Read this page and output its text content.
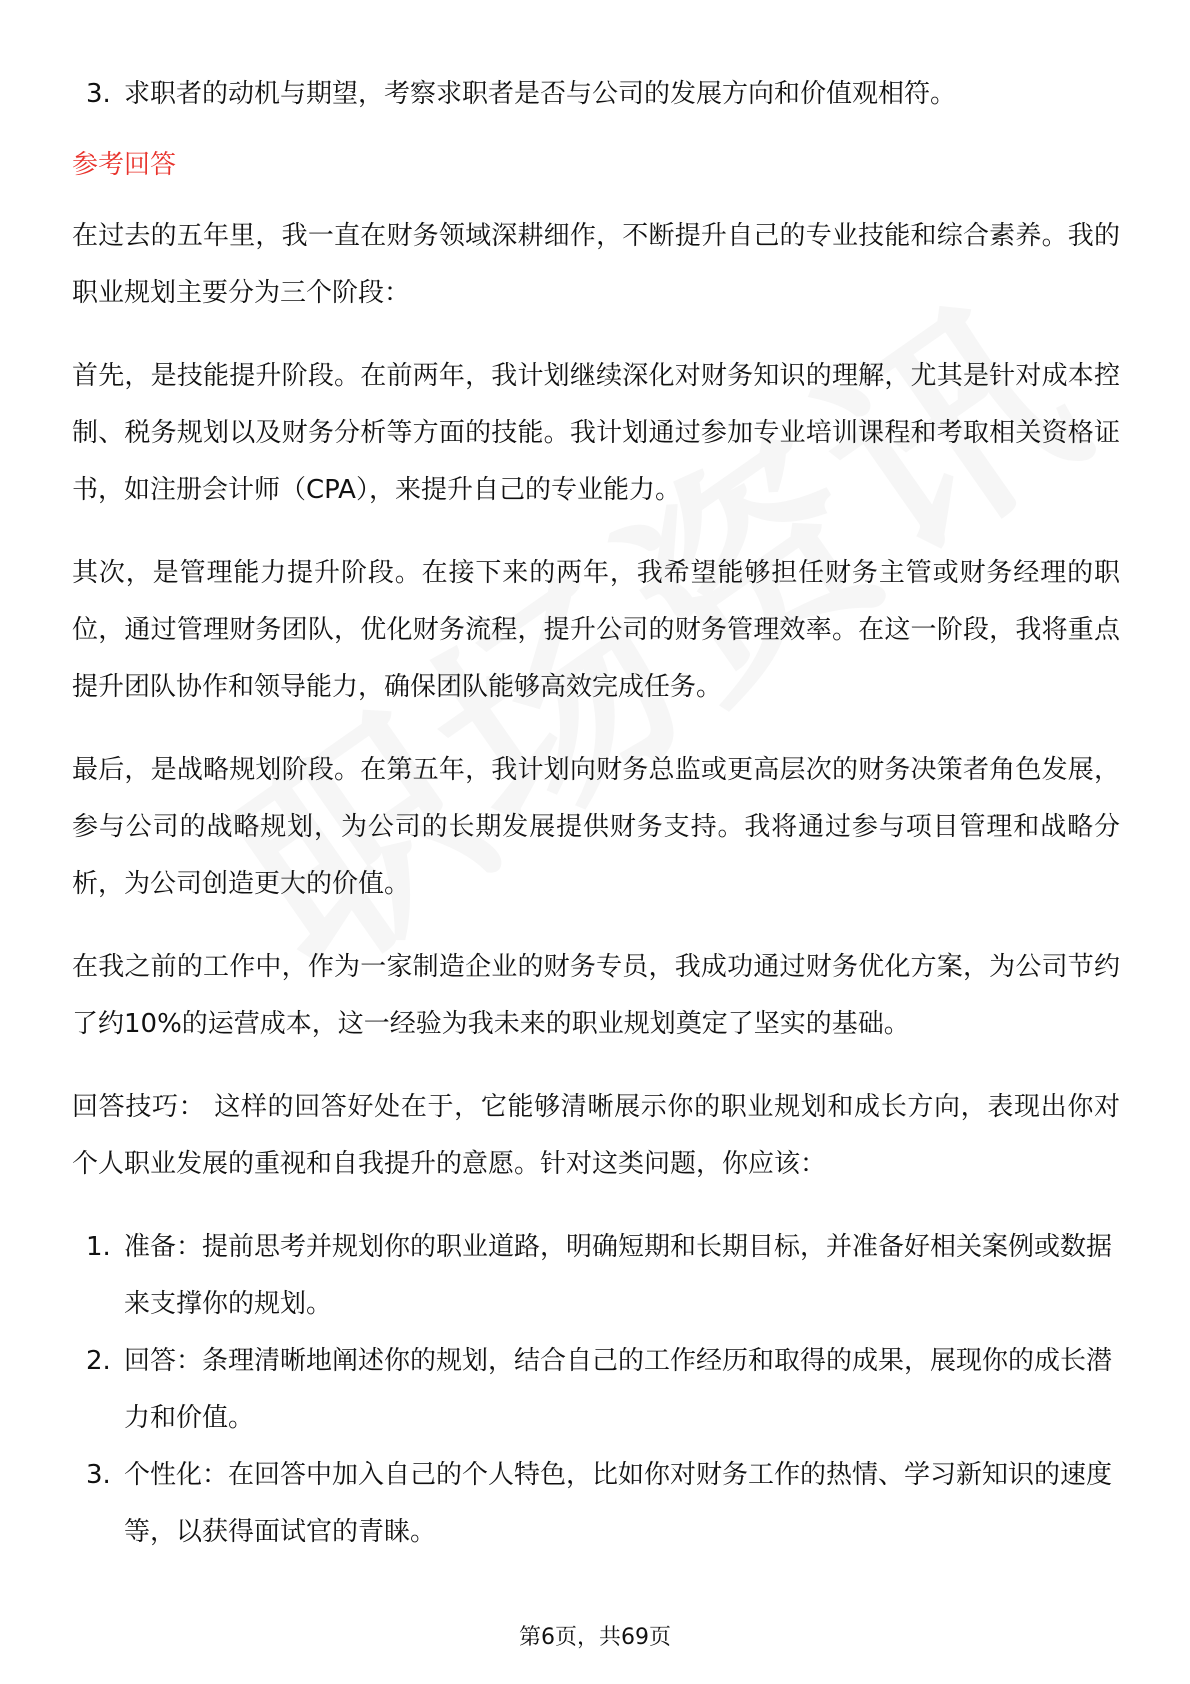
3. 求职者的动机与期望，考察求职者是否与公司的发展方向和价值观相符。
参考回答

在过去的五年里，我一直在财务领域深耕细作，不断提升自己的专业技能和综合素养。我的职业规划主要分为三个阶段：

首先，是技能提升阶段。在前两年，我计划继续深化对财务知识的理解，尤其是针对成本控制、税务规划以及财务分析等方面的技能。我计划通过参加专业培训课程和考取相关资格证书，如注册会计师（CPA），来提升自己的专业能力。

其次，是管理能力提升阶段。在接下来的两年，我希望能够担任财务主管或财务经理的职位，通过管理财务团队，优化财务流程，提升公司的财务管理效率。在这一阶段，我将重点提升团队协作和领导能力，确保团队能够高效完成任务。

最后，是战略规划阶段。在第五年，我计划向财务总监或更高层次的财务决策者角色发展，参与公司的战略规划，为公司的长期发展提供财务支持。我将通过参与项目管理和战略分析，为公司创造更大的价值。

在我之前的工作中，作为一家制造企业的财务专员，我成功通过财务优化方案，为公司节约了约10%的运营成本，这一经验为我未来的职业规划奠定了坚实的基础。

回答技巧： 这样的回答好处在于，它能够清晰展示你的职业规划和成长方向，表现出你对个人职业发展的重视和自我提升的意愿。针对这类问题，你应该：

1. 准备：提前思考并规划你的职业道路，明确短期和长期目标，并准备好相关案例或数据来支撑你的规划。
2. 回答：条理清晰地阐述你的规划，结合自己的工作经历和取得的成果，展现你的成长潜力和价值。
3. 个性化：在回答中加入自己的个人特色，比如你对财务工作的热情、学习新知识的速度等，以获得面试官的青睐。
第6页，共69页
